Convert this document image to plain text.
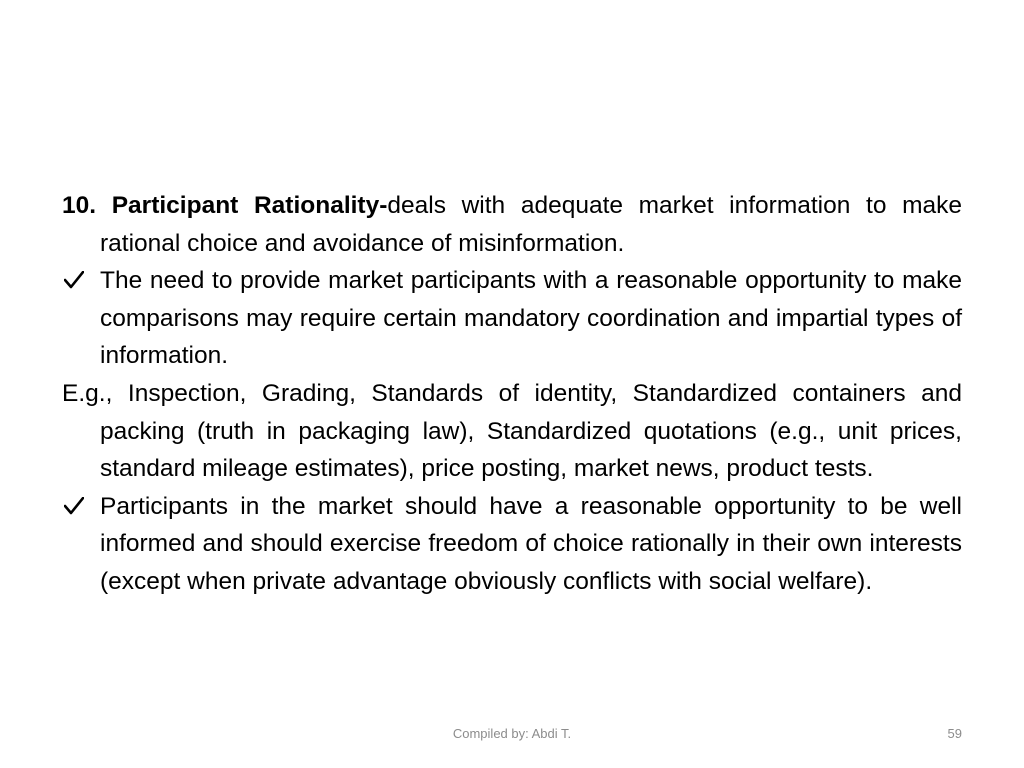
10. Participant Rationality-deals with adequate market information to make rational choice and avoidance of misinformation.

The need to provide market participants with a reasonable opportunity to make comparisons may require certain mandatory coordination and impartial types of information.

E.g., Inspection, Grading, Standards of identity, Standardized containers and packing (truth in packaging law), Standardized quotations (e.g., unit prices, standard mileage estimates), price posting, market news, product tests.

Participants in the market should have a reasonable opportunity to be well informed and should exercise freedom of choice rationally in their own interests (except when private advantage obviously conflicts with social welfare).

Compiled by: Abdi T.	59
